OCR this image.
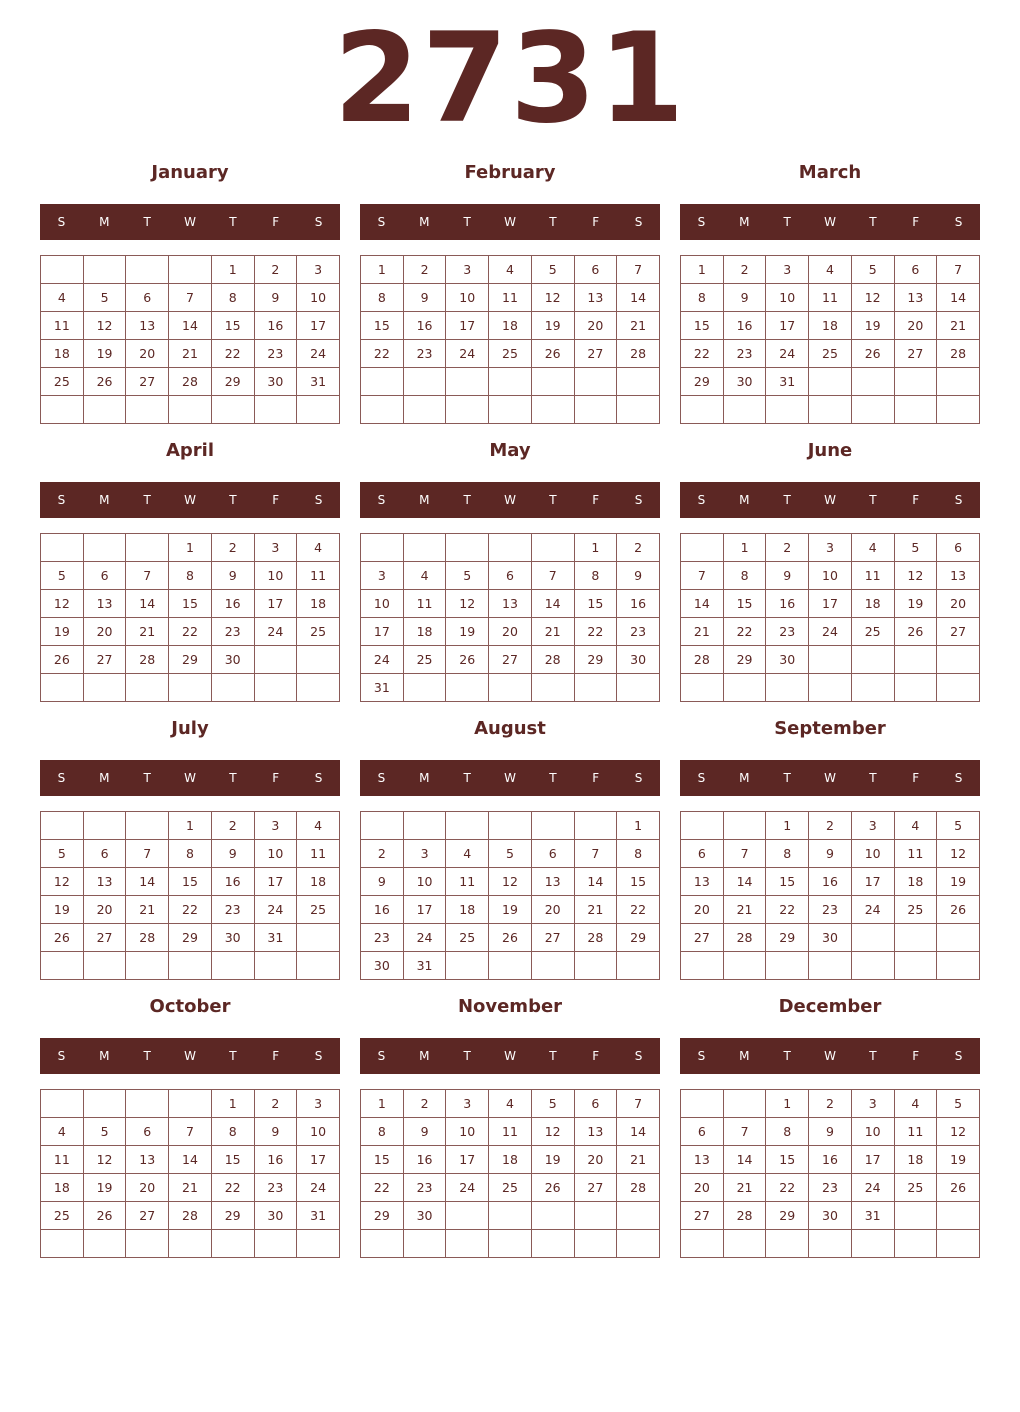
2731
January
S	M	T	W	T	F	S
				1	2	3
4	5	6	7	8	9	10
11	12	13	14	15	16	17
18	19	20	21	22	23	24
25	26	27	28	29	30	31

February
S	M	T	W	T	F	S
1	2	3	4	5	6	7
8	9	10	11	12	13	14
15	16	17	18	19	20	21
22	23	24	25	26	27	28

March
S	M	T	W	T	F	S
1	2	3	4	5	6	7
8	9	10	11	12	13	14
15	16	17	18	19	20	21
22	23	24	25	26	27	28
29	30	31				

April
S	M	T	W	T	F	S
			1	2	3	4
5	6	7	8	9	10	11
12	13	14	15	16	17	18
19	20	21	22	23	24	25
26	27	28	29	30		

May
S	M	T	W	T	F	S
					1	2
3	4	5	6	7	8	9
10	11	12	13	14	15	16
17	18	19	20	21	22	23
24	25	26	27	28	29	30
31						
June
S	M	T	W	T	F	S
	1	2	3	4	5	6
7	8	9	10	11	12	13
14	15	16	17	18	19	20
21	22	23	24	25	26	27
28	29	30				

July
S	M	T	W	T	F	S
			1	2	3	4
5	6	7	8	9	10	11
12	13	14	15	16	17	18
19	20	21	22	23	24	25
26	27	28	29	30	31	

August
S	M	T	W	T	F	S
						1
2	3	4	5	6	7	8
9	10	11	12	13	14	15
16	17	18	19	20	21	22
23	24	25	26	27	28	29
30	31					
September
S	M	T	W	T	F	S
		1	2	3	4	5
6	7	8	9	10	11	12
13	14	15	16	17	18	19
20	21	22	23	24	25	26
27	28	29	30			

October
S	M	T	W	T	F	S
				1	2	3
4	5	6	7	8	9	10
11	12	13	14	15	16	17
18	19	20	21	22	23	24
25	26	27	28	29	30	31

November
S	M	T	W	T	F	S
1	2	3	4	5	6	7
8	9	10	11	12	13	14
15	16	17	18	19	20	21
22	23	24	25	26	27	28
29	30					

December
S	M	T	W	T	F	S
		1	2	3	4	5
6	7	8	9	10	11	12
13	14	15	16	17	18	19
20	21	22	23	24	25	26
27	28	29	30	31		
